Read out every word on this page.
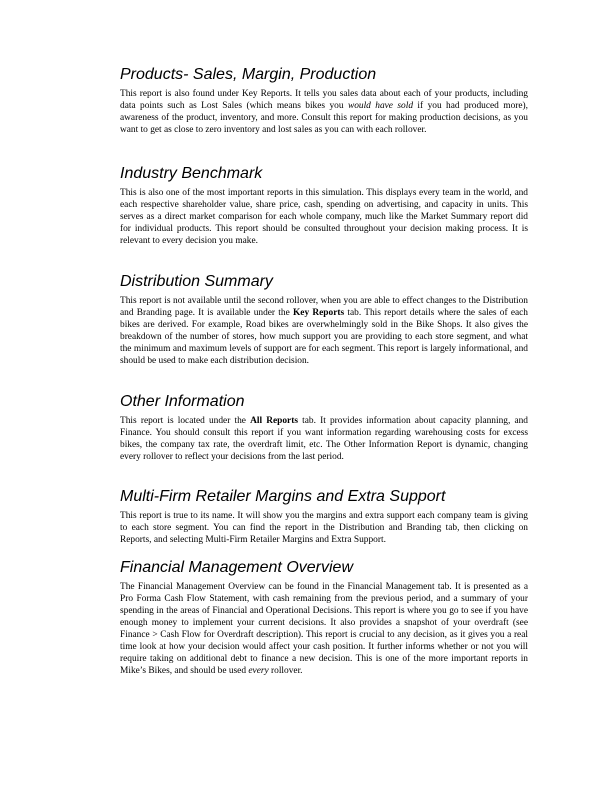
Products- Sales, Margin, Production

This report is also found under Key Reports. It tells you sales data about each of your products, including data points such as Lost Sales (which means bikes you would have sold if you had produced more), awareness of the product, inventory, and more. Consult this report for making production decisions, as you want to get as close to zero inventory and lost sales as you can with each rollover.

Industry Benchmark

This is also one of the most important reports in this simulation. This displays every team in the world, and each respective shareholder value, share price, cash, spending on advertising, and capacity in units. This serves as a direct market comparison for each whole company, much like the Market Summary report did for individual products. This report should be consulted throughout your decision making process. It is relevant to every decision you make.

Distribution Summary

This report is not available until the second rollover, when you are able to effect changes to the Distribution and Branding page. It is available under the Key Reports tab. This report details where the sales of each bikes are derived. For example, Road bikes are overwhelmingly sold in the Bike Shops. It also gives the breakdown of the number of stores, how much support you are providing to each store segment, and what the minimum and maximum levels of support are for each segment. This report is largely informational, and should be used to make each distribution decision.

Other Information

This report is located under the All Reports tab. It provides information about capacity planning, and Finance. You should consult this report if you want information regarding warehousing costs for excess bikes, the company tax rate, the overdraft limit, etc. The Other Information Report is dynamic, changing every rollover to reflect your decisions from the last period.

Multi-Firm Retailer Margins and Extra Support

This report is true to its name. It will show you the margins and extra support each company team is giving to each store segment. You can find the report in the Distribution and Branding tab, then clicking on Reports, and selecting Multi-Firm Retailer Margins and Extra Support.

Financial Management Overview

The Financial Management Overview can be found in the Financial Management tab. It is presented as a Pro Forma Cash Flow Statement, with cash remaining from the previous period, and a summary of your spending in the areas of Financial and Operational Decisions. This report is where you go to see if you have enough money to implement your current decisions. It also provides a snapshot of your overdraft (see Finance > Cash Flow for Overdraft description). This report is crucial to any decision, as it gives you a real time look at how your decision would affect your cash position. It further informs whether or not you will require taking on additional debt to finance a new decision. This is one of the more important reports in Mike’s Bikes, and should be used every rollover.
